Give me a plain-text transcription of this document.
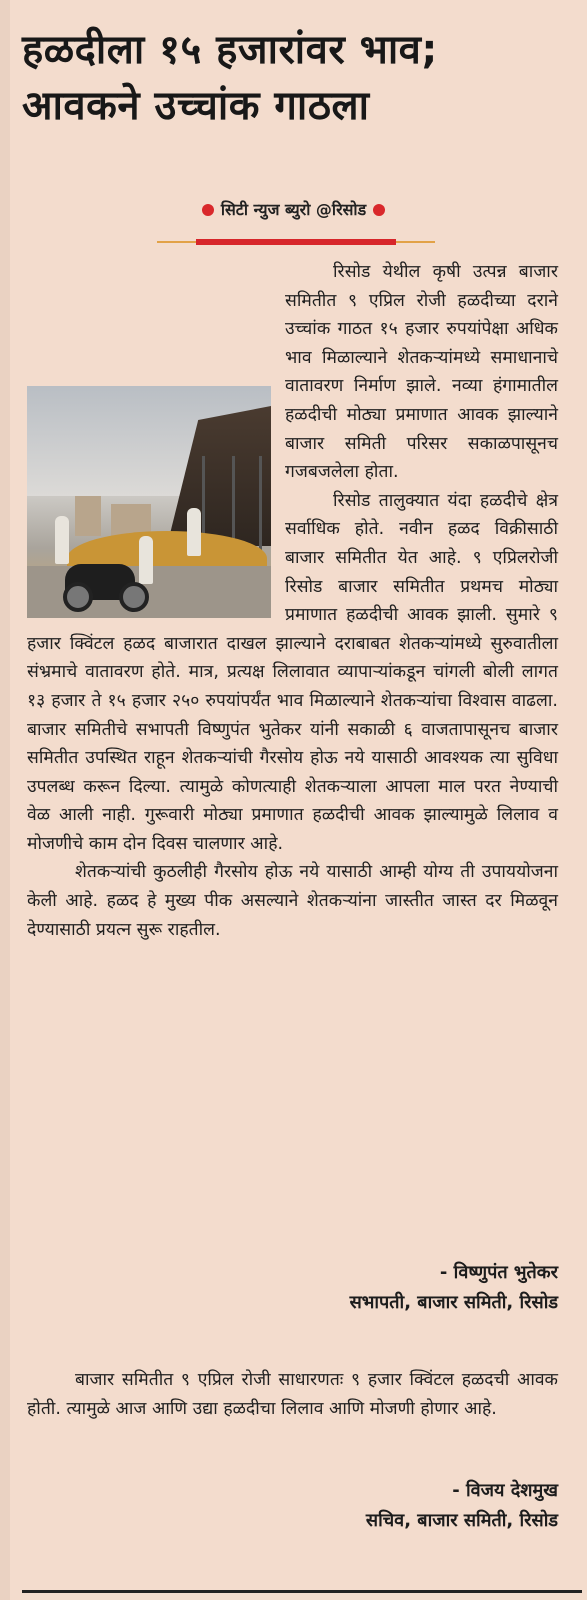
हळदीला १५ हजारांवर भाव;
आवकने उच्चांक गाठला
सिटी न्युज ब्युरो @रिसोड

रिसोड येथील कृषी उत्पन्न बाजार समितीत ९ एप्रिल रोजी हळदीच्या दराने उच्चांक गाठत १५ हजार रुपयांपेक्षा अधिक भाव मिळाल्याने शेतकऱ्यांमध्ये समाधानाचे वातावरण निर्माण झाले. नव्या हंगामातील हळदीची मोठ्या प्रमाणात आवक झाल्याने बाजार समिती परिसर सकाळपासूनच गजबजलेला होता.

रिसोड तालुक्यात यंदा हळदीचे क्षेत्र सर्वाधिक होते. नवीन हळद विक्रीसाठी बाजार समितीत येत आहे. ९ एप्रिलरोजी रिसोड बाजार समितीत प्रथमच मोठ्या प्रमाणात हळदीची आवक झाली. सुमारे ९ हजार क्विंटल हळद बाजारात दाखल झाल्याने दराबाबत शेतकऱ्यांमध्ये सुरुवातीला संभ्रमाचे वातावरण होते. मात्र, प्रत्यक्ष लिलावात व्यापाऱ्यांकडून चांगली बोली लागत १३ हजार ते १५ हजार २५० रुपयांपर्यंत भाव मिळाल्याने शेतकऱ्यांचा विश्वास वाढला. बाजार समितीचे सभापती विष्णुपंत भुतेकर यांनी सकाळी ६ वाजतापासूनच बाजार समितीत उपस्थित राहून शेतकऱ्यांची गैरसोय होऊ नये यासाठी आवश्यक त्या सुविधा उपलब्ध करून दिल्या. त्यामुळे कोणत्याही शेतकऱ्याला आपला माल परत नेण्याची वेळ आली नाही. गुरूवारी मोठ्या प्रमाणात हळदीची आवक झाल्यामुळे लिलाव व मोजणीचे काम दोन दिवस चालणार आहे.

शेतकऱ्यांची कुठलीही गैरसोय होऊ नये यासाठी आम्ही योग्य ती उपाययोजना केली आहे. हळद हे मुख्य पीक असल्याने शेतकऱ्यांना जास्तीत जास्त दर मिळवून देण्यासाठी प्रयत्न सुरू राहतील.

- विष्णुपंत भुतेकर

सभापती, बाजार समिती, रिसोड

बाजार समितीत ९ एप्रिल रोजी साधारणतः ९ हजार क्विंटल हळदची आवक होती. त्यामुळे आज आणि उद्या हळदीचा लिलाव आणि मोजणी होणार आहे.

- विजय देशमुख

सचिव, बाजार समिती, रिसोड
